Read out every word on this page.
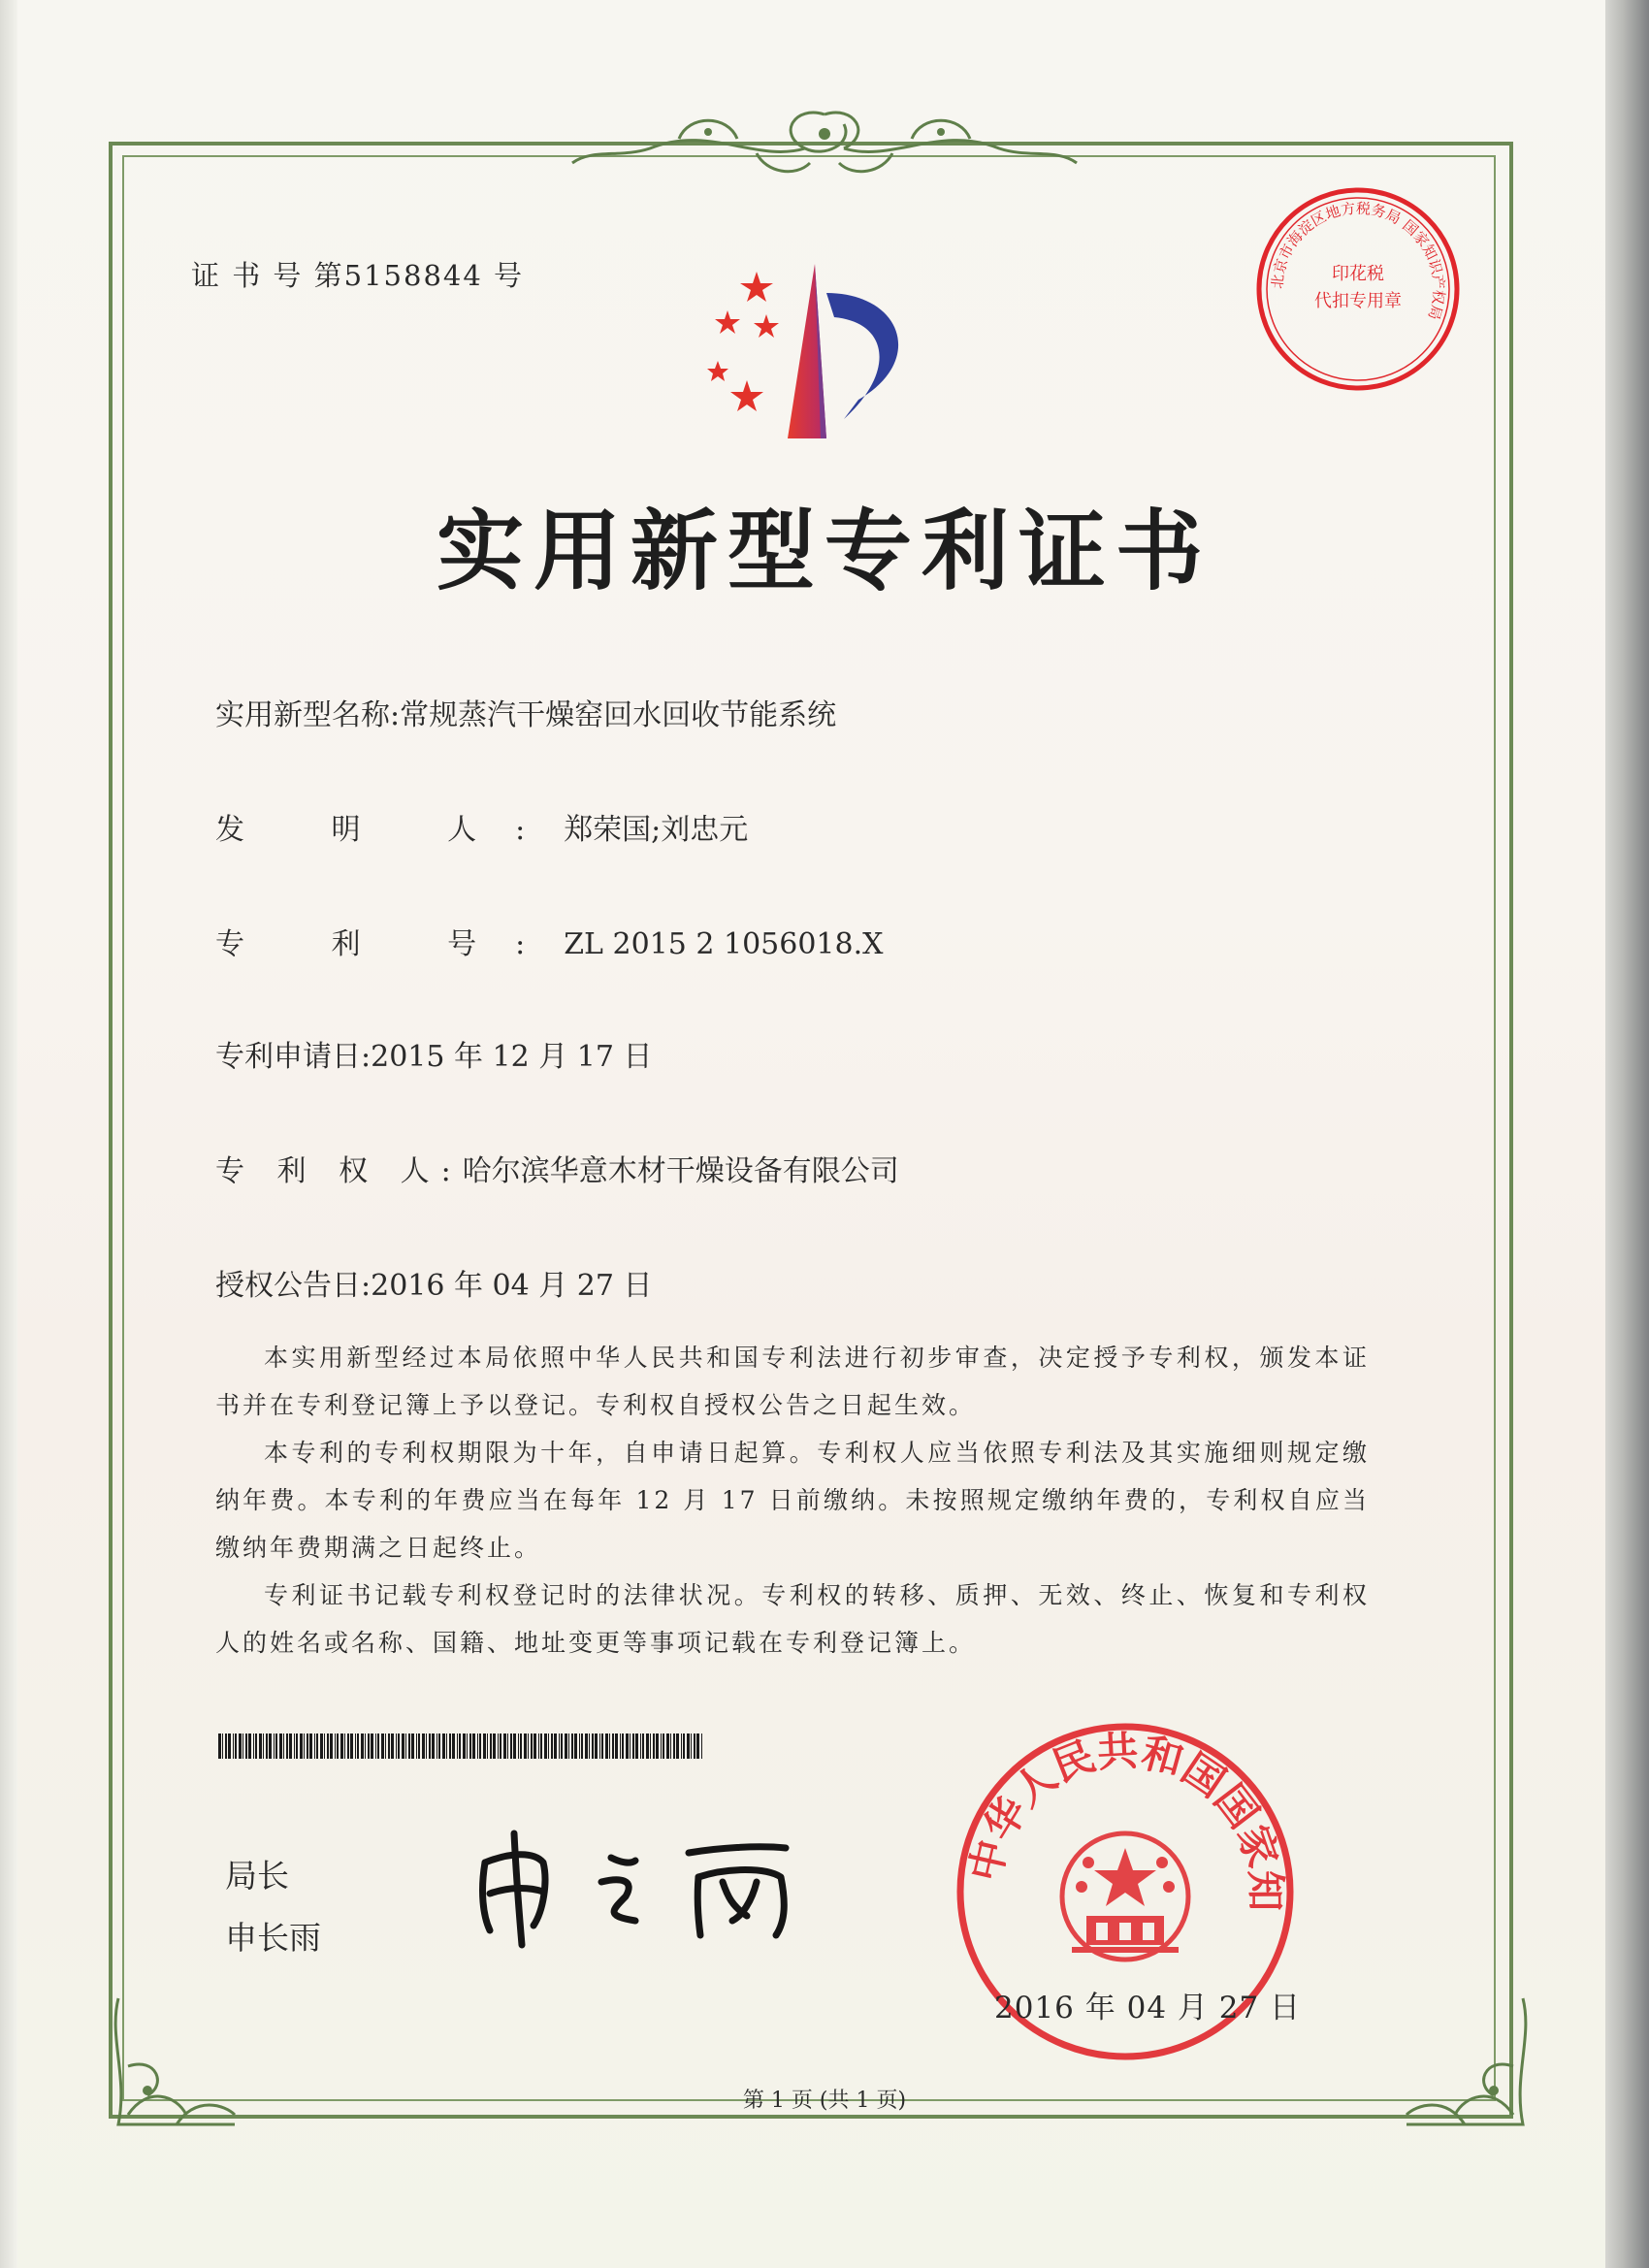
证 书 号 第5158844 号	北京市海淀区地方税务局 国家知识产权局
印花税
代扣专用章
实用新型专利证书
实用新型名称:常规蒸汽干燥窑回水回收节能系统
发 明 人:郑荣国;刘忠元
专 利 号:ZL 2015 2 1056018.X
专利申请日:2015 年 12 月 17 日
专 利 权 人:哈尔滨华意木材干燥设备有限公司
授权公告日:2016 年 04 月 27 日

本实用新型经过本局依照中华人民共和国专利法进行初步审查，决定授予专利权，颁发本证书并在专利登记簿上予以登记。专利权自授权公告之日起生效。

本专利的专利权期限为十年，自申请日起算。专利权人应当依照专利法及其实施细则规定缴纳年费。本专利的年费应当在每年 12 月 17 日前缴纳。未按照规定缴纳年费的，专利权自应当缴纳年费期满之日起终止。

专利证书记载专利权登记时的法律状况。专利权的转移、质押、无效、终止、恢复和专利权人的姓名或名称、国籍、地址变更等事项记载在专利登记簿上。

局长
申长雨
中华人民共和国国家知
2016 年 04 月 27 日
第 1 页 (共 1 页)
